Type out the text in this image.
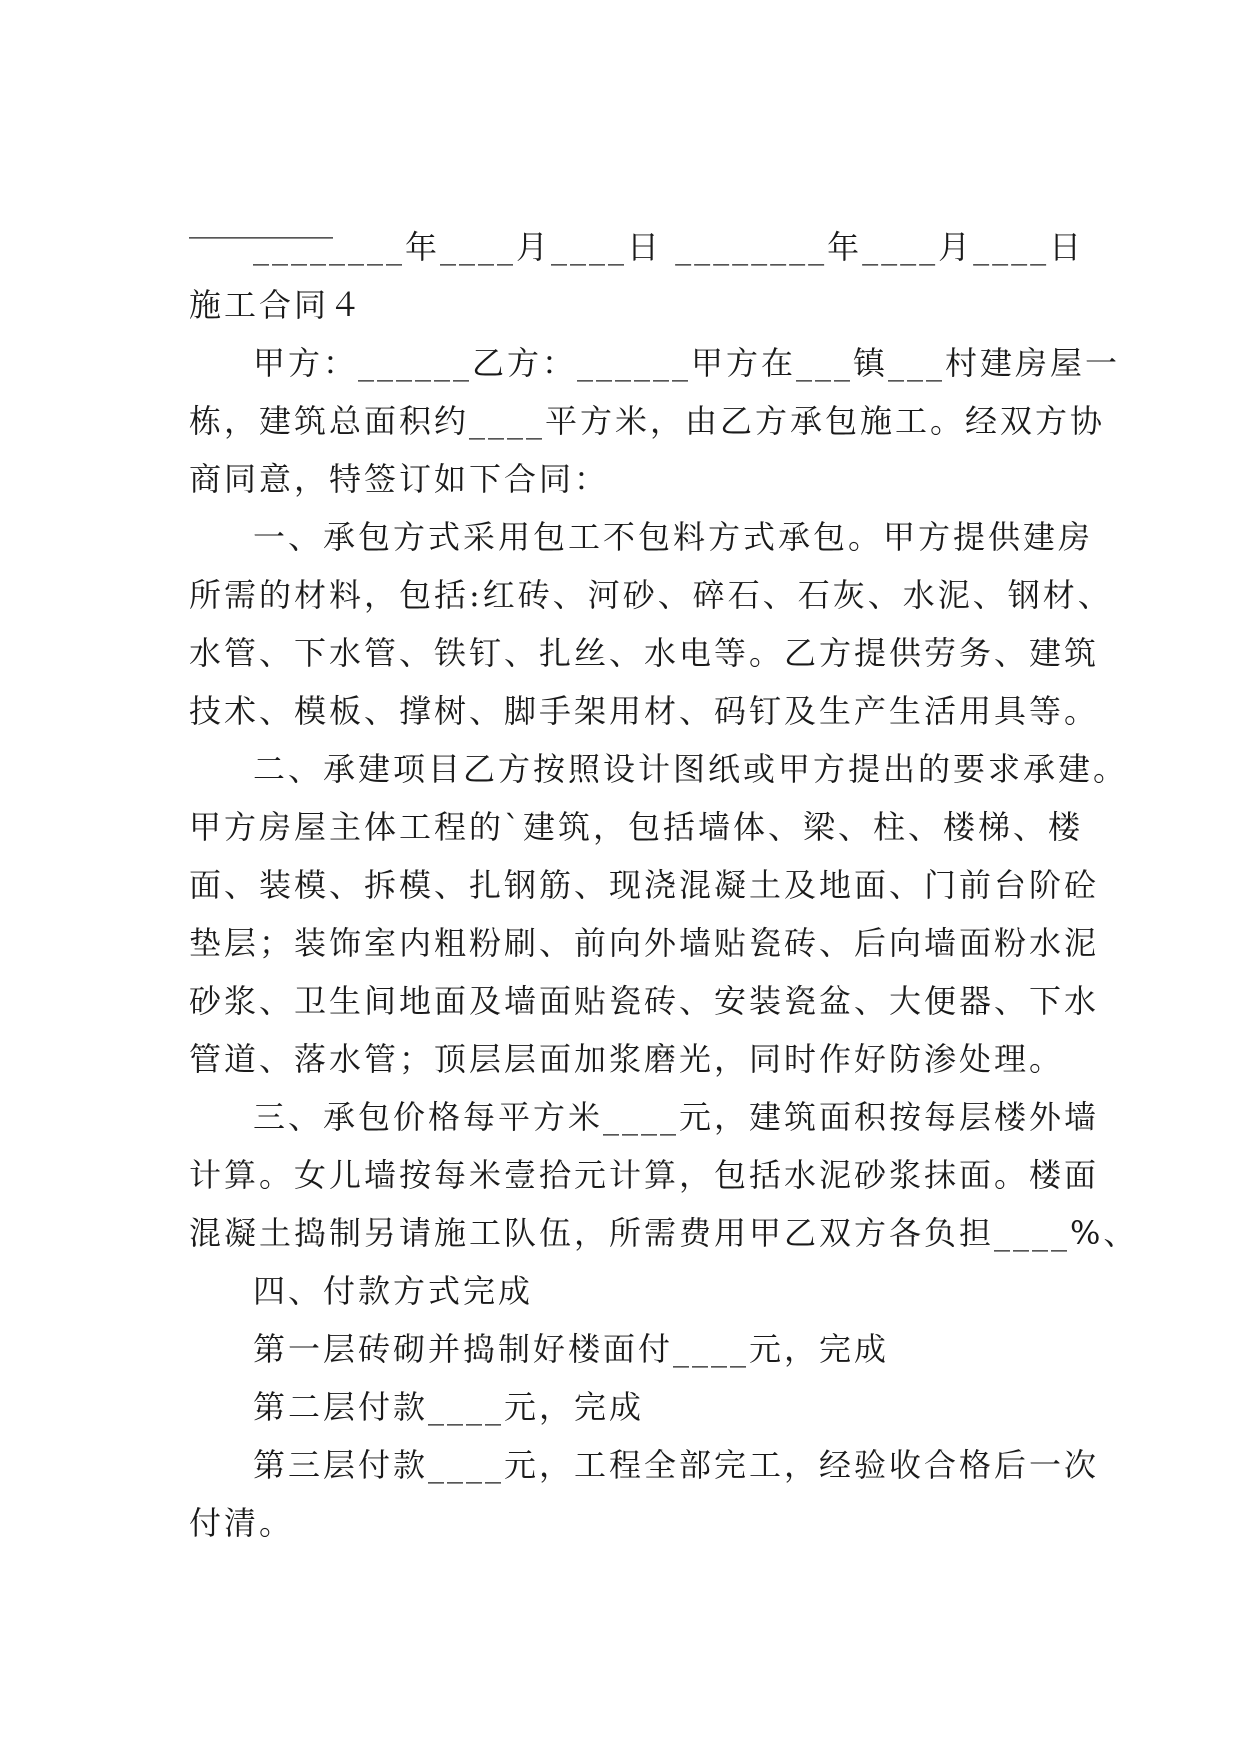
_________
________年____月____日 ________年____月____日
施工合同４
甲方：______乙方：______甲方在___镇___村建房屋一
栋，建筑总面积约____平方米，由乙方承包施工。经双方协
商同意，特签订如下合同：
一、承包方式采用包工不包料方式承包。甲方提供建房
所需的材料，包括:红砖、河砂、碎石、石灰、水泥、钢材、
水管、下水管、铁钉、扎丝、水电等。乙方提供劳务、建筑
技术、模板、撑树、脚手架用材、码钉及生产生活用具等。
二、承建项目乙方按照设计图纸或甲方提出的要求承建。
甲方房屋主体工程的`建筑，包括墙体、梁、柱、楼梯、楼
面、装模、拆模、扎钢筋、现浇混凝土及地面、门前台阶砼
垫层；装饰室内粗粉刷、前向外墙贴瓷砖、后向墙面粉水泥
砂浆、卫生间地面及墙面贴瓷砖、安装瓷盆、大便器、下水
管道、落水管；顶层层面加浆磨光，同时作好防渗处理。
三、承包价格每平方米____元，建筑面积按每层楼外墙
计算。女儿墙按每米壹拾元计算，包括水泥砂浆抹面。楼面
混凝土捣制另请施工队伍，所需费用甲乙双方各负担____%、
四、付款方式完成
第一层砖砌并捣制好楼面付____元，完成
第二层付款____元，完成
第三层付款____元，工程全部完工，经验收合格后一次
付清。
